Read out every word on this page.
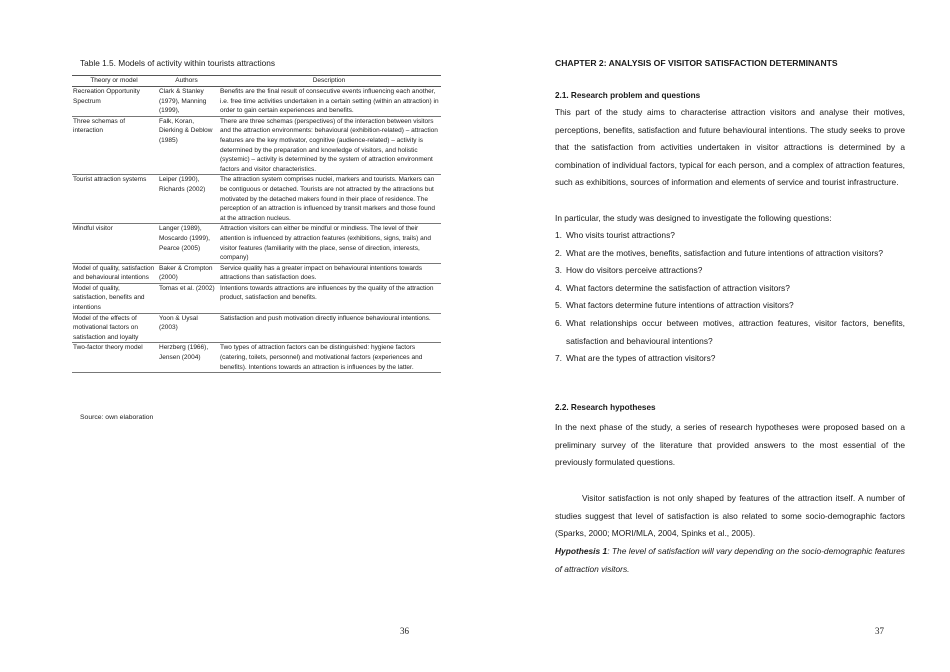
Table 1.5. Models of activity within tourists attractions
Theory or model	Authors	Description
Recreation Opportunity Spectrum	Clark & Stanley (1979), Manning (1999),	Benefits are the final result of consecutive events influencing each another, i.e. free time activities undertaken in a certain setting (within an attraction) in order to gain certain experiences and benefits.
Three schemas of interaction	Falk, Koran, Dierking & Deblow (1985)	There are three schemas (perspectives) of the interaction between visitors and the attraction environments: behavioural (exhibition-related) – attraction features are the key motivator, cognitive (audience-related) – activity is determined by the preparation and knowledge of visitors, and holistic (systemic) – activity is determined by the system of attraction environment factors and visitor characteristics.
Tourist attraction systems	Leiper (1990), Richards (2002)	The attraction system comprises nuclei, markers and tourists. Markers can be contiguous or detached. Tourists are not attracted by the attractions but motivated by the detached makers found in their place of residence. The perception of an attraction is influenced by transit markers and those found at the attraction nucleus.
Mindful visitor	Langer (1989), Moscardo (1999), Pearce (2005)	Attraction visitors can either be mindful or mindless. The level of their attention is influenced by attraction features (exhibitions, signs, trails) and visitor features (familiarity with the place, sense of direction, interests, company)
Model of quality, satisfaction and behavioural intentions	Baker & Crompton (2000)	Service quality has a greater impact on behavioural intentions towards attractions than satisfaction does.
Model of quality, satisfaction, benefits and intentions	Tomas et al. (2002)	Intentions towards attractions are influences by the quality of the attraction product, satisfaction and benefits.
Model of the effects of motivational factors on satisfaction and loyalty	Yoon & Uysal (2003)	Satisfaction and push motivation directly influence behavioural intentions.
Two-factor theory model	Herzberg (1966), Jensen (2004)	Two types of attraction factors can be distinguished: hygiene factors (catering, toilets, personnel) and motivational factors (experiences and benefits). Intentions towards an attraction is influences by the latter.
Source: own elaboration
36
CHAPTER 2: ANALYSIS OF VISITOR SATISFACTION DETERMINANTS
2.1. Research problem and questions
This part of the study aims to characterise attraction visitors and analyse their motives, perceptions, benefits, satisfaction and future behavioural intentions. The study seeks to prove that the satisfaction from activities undertaken in visitor attractions is determined by a combination of individual factors, typical for each person, and a complex of attraction features, such as exhibitions, sources of information and elements of service and tourist infrastructure.
In particular, the study was designed to investigate the following questions:
1. Who visits tourist attractions?
2. What are the motives, benefits, satisfaction and future intentions of attraction visitors?
3. How do visitors perceive attractions?
4. What factors determine the satisfaction of attraction visitors?
5. What factors determine future intentions of attraction visitors?
6. What relationships occur between motives, attraction features, visitor factors, benefits, satisfaction and behavioural intentions?
7. What are the types of attraction visitors?
2.2. Research hypotheses
In the next phase of the study, a series of research hypotheses were proposed based on a preliminary survey of the literature that provided answers to the most essential of the previously formulated questions.
Visitor satisfaction is not only shaped by features of the attraction itself. A number of studies suggest that level of satisfaction is also related to some socio-demographic factors (Sparks, 2000; MORI/MLA, 2004, Spinks et al., 2005).
Hypothesis 1: The level of satisfaction will vary depending on the socio-demographic features of attraction visitors.
37
